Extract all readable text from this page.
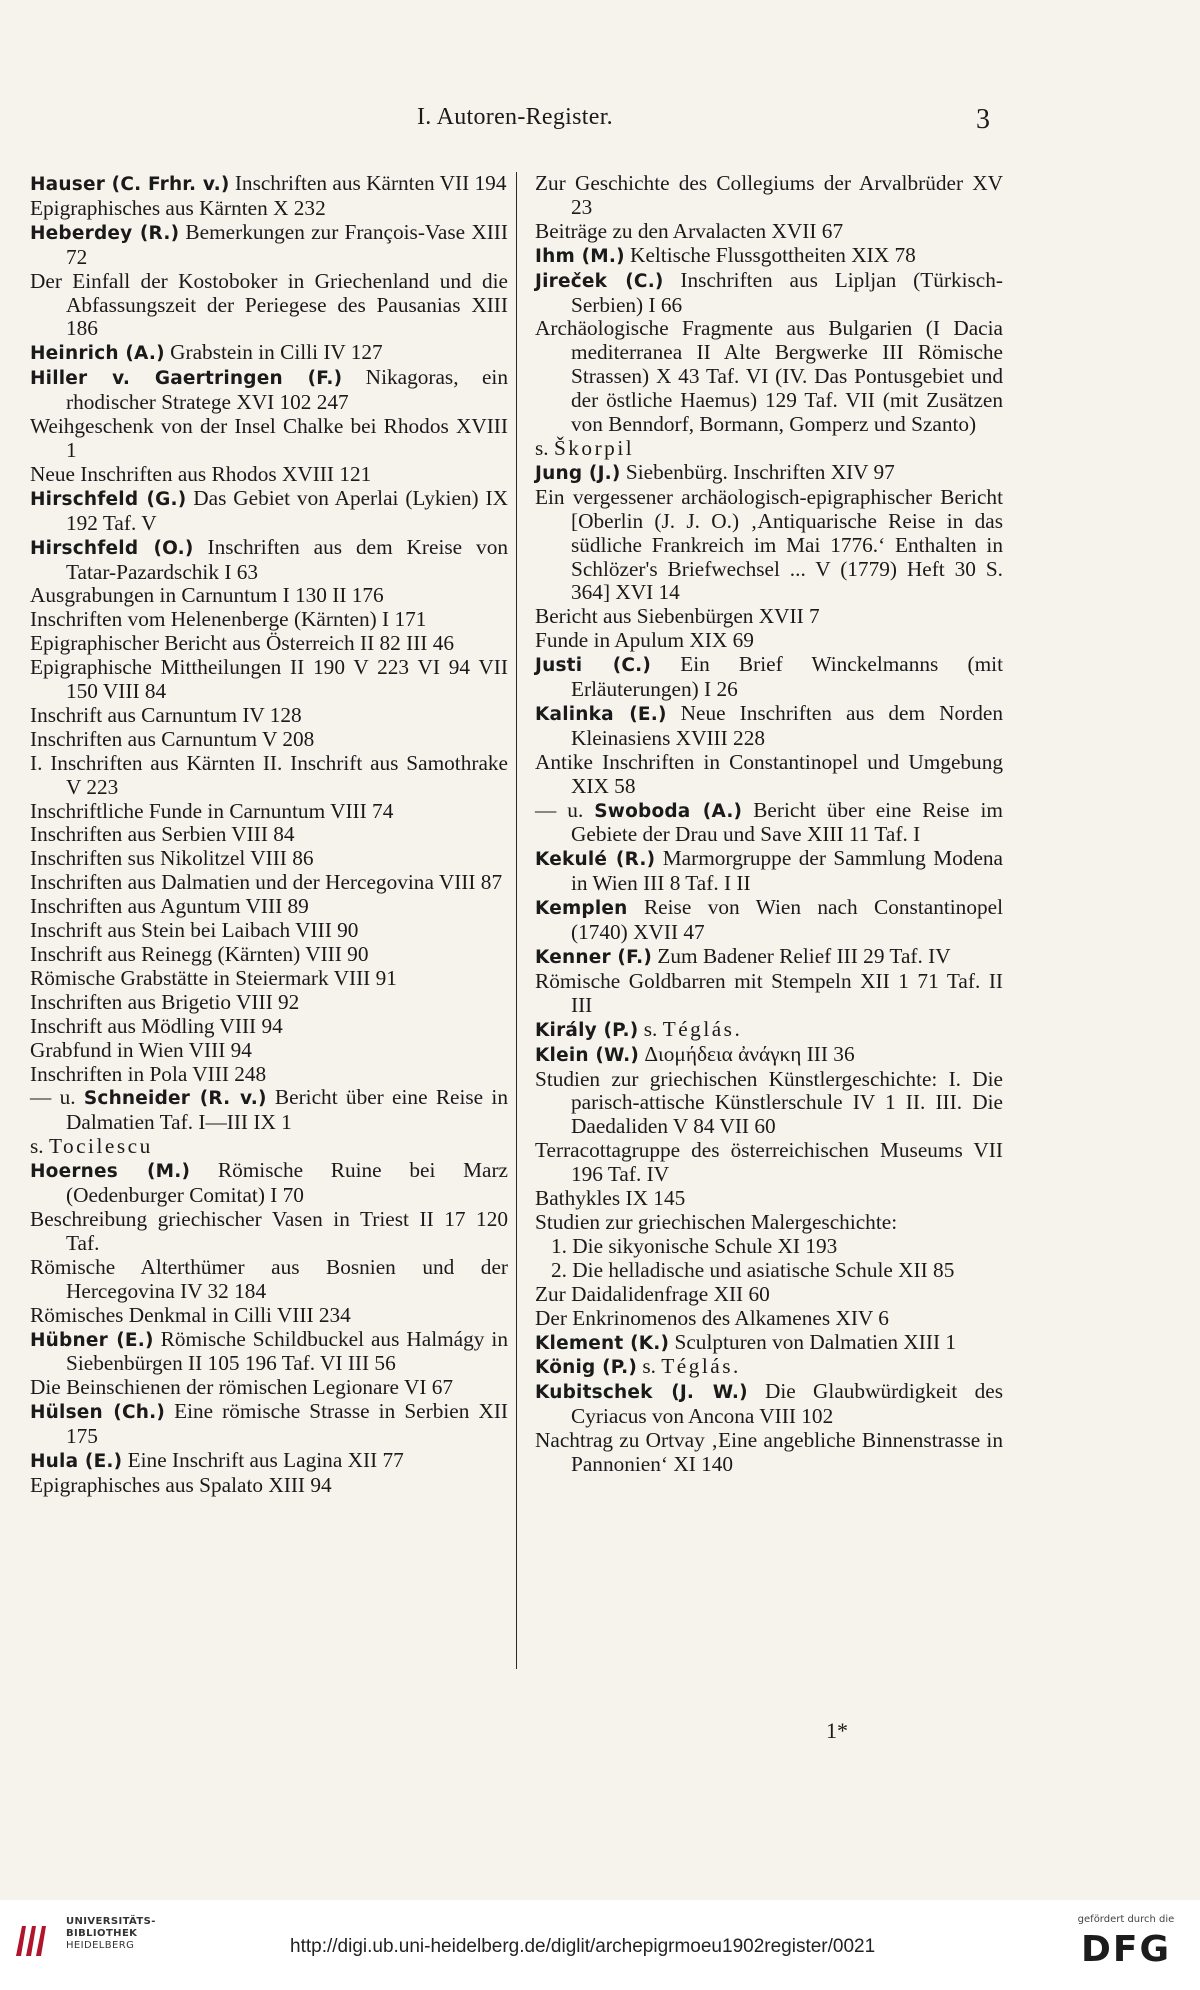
I. Autoren-Register.	3
Hauser (C. Frhr. v.) Inschriften aus Kärnten VII 194
Epigraphisches aus Kärnten X 232
Heberdey (R.) Bemerkungen zur François-Vase XIII 72
Der Einfall der Kostoboker in Griechenland und die Abfassungszeit der Periegese des Pausanias XIII 186
Heinrich (A.) Grabstein in Cilli IV 127
Hiller v. Gaertringen (F.) Nikagoras, ein rhodischer Stratege XVI 102 247
Weihgeschenk von der Insel Chalke bei Rhodos XVIII 1
Neue Inschriften aus Rhodos XVIII 121
Hirschfeld (G.) Das Gebiet von Aperlai (Lykien) IX 192 Taf. V
Hirschfeld (O.) Inschriften aus dem Kreise von Tatar-Pazardschik I 63
Ausgrabungen in Carnuntum I 130 II 176
Inschriften vom Helenenberge (Kärnten) I 171
Epigraphischer Bericht aus Österreich II 82 III 46
Epigraphische Mittheilungen II 190 V 223 VI 94 VII 150 VIII 84
Inschrift aus Carnuntum IV 128
Inschriften aus Carnuntum V 208
I. Inschriften aus Kärnten II. Inschrift aus Samothrake V 223
Inschriftliche Funde in Carnuntum VIII 74
Inschriften aus Serbien VIII 84
Inschriften sus Nikolitzel VIII 86
Inschriften aus Dalmatien und der Hercegovina VIII 87
Inschriften aus Aguntum VIII 89
Inschrift aus Stein bei Laibach VIII 90
Inschrift aus Reinegg (Kärnten) VIII 90
Römische Grabstätte in Steiermark VIII 91
Inschriften aus Brigetio VIII 92
Inschrift aus Mödling VIII 94
Grabfund in Wien VIII 94
Inschriften in Pola VIII 248
— u. Schneider (R. v.) Bericht über eine Reise in Dalmatien Taf. I—III IX 1
s. Tocilescu
Hoernes (M.) Römische Ruine bei Marz (Oedenburger Comitat) I 70
Beschreibung griechischer Vasen in Triest II 17 120 Taf.
Römische Alterthümer aus Bosnien und der Hercegovina IV 32 184
Römisches Denkmal in Cilli VIII 234
Hübner (E.) Römische Schildbuckel aus Halmágy in Siebenbürgen II 105 196 Taf. VI III 56
Die Beinschienen der römischen Legionare VI 67
Hülsen (Ch.) Eine römische Strasse in Serbien XII 175
Hula (E.) Eine Inschrift aus Lagina XII 77
Epigraphisches aus Spalato XIII 94
Zur Geschichte des Collegiums der Arvalbrüder XV 23
Beiträge zu den Arvalacten XVII 67
Ihm (M.) Keltische Flussgottheiten XIX 78
Jireček (C.) Inschriften aus Lipljan (Türkisch-Serbien) I 66
Archäologische Fragmente aus Bulgarien (I Dacia mediterranea II Alte Bergwerke III Römische Strassen) X 43 Taf. VI (IV. Das Pontusgebiet und der östliche Haemus) 129 Taf. VII (mit Zusätzen von Benndorf, Bormann, Gomperz und Szanto)
s. Škorpil
Jung (J.) Siebenbürg. Inschriften XIV 97
Ein vergessener archäologisch-epigraphischer Bericht [Oberlin (J. J. O.) ‚Antiquarische Reise in das südliche Frankreich im Mai 1776.‘ Enthalten in Schlözer's Briefwechsel ... V (1779) Heft 30 S. 364] XVI 14
Bericht aus Siebenbürgen XVII 7
Funde in Apulum XIX 69
Justi (C.) Ein Brief Winckelmanns (mit Erläuterungen) I 26
Kalinka (E.) Neue Inschriften aus dem Norden Kleinasiens XVIII 228
Antike Inschriften in Constantinopel und Umgebung XIX 58
— u. Swoboda (A.) Bericht über eine Reise im Gebiete der Drau und Save XIII 11 Taf. I
Kekulé (R.) Marmorgruppe der Sammlung Modena in Wien III 8 Taf. I II
Kemplen Reise von Wien nach Constantinopel (1740) XVII 47
Kenner (F.) Zum Badener Relief III 29 Taf. IV
Römische Goldbarren mit Stempeln XII 1 71 Taf. II III
Király (P.) s. Téglás.
Klein (W.) Διομήδεια ἀνάγκη III 36
Studien zur griechischen Künstlergeschichte: I. Die parisch-attische Künstlerschule IV 1 II. III. Die Daedaliden V 84 VII 60
Terracottagruppe des österreichischen Museums VII 196 Taf. IV
Bathykles IX 145
Studien zur griechischen Malergeschichte:
1. Die sikyonische Schule XI 193
2. Die helladische und asiatische Schule XII 85
Zur Daidalidenfrage XII 60
Der Enkrinomenos des Alkamenes XIV 6
Klement (K.) Sculpturen von Dalmatien XIII 1
König (P.) s. Téglás.
Kubitschek (J. W.) Die Glaubwürdigkeit des Cyriacus von Ancona VIII 102
Nachtrag zu Ortvay ‚Eine angebliche Binnenstrasse in Pannonien‘ XI 140
1*
UNIVERSITÄTS-
BIBLIOTHEK
HEIDELBERG	http://digi.ub.uni-heidelberg.de/diglit/archepigrmoeu1902register/0021
gefördert durch die
DFG
